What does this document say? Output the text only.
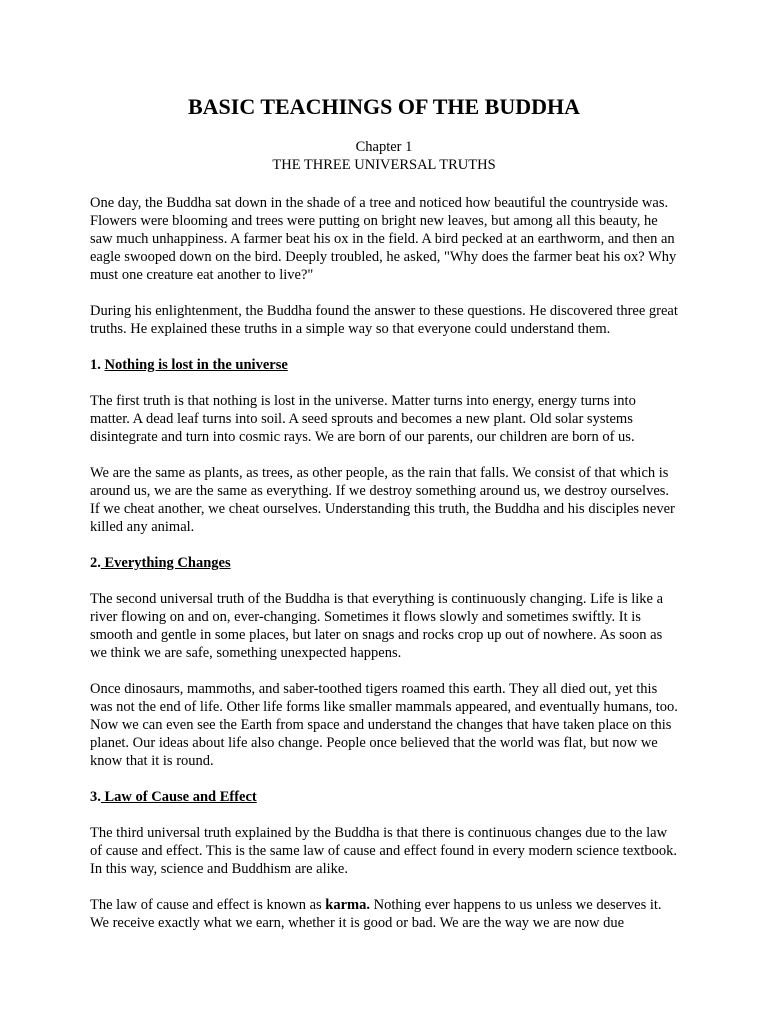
BASIC TEACHINGS OF THE BUDDHA
Chapter 1
THE THREE UNIVERSAL TRUTHS

One day, the Buddha sat down in the shade of a tree and noticed how beautiful the countryside was. Flowers were blooming and trees were putting on bright new leaves, but among all this beauty, he saw much unhappiness. A farmer beat his ox in the field. A bird pecked at an earthworm, and then an eagle swooped down on the bird. Deeply troubled, he asked, "Why does the farmer beat his ox? Why must one creature eat another to live?"

During his enlightenment, the Buddha found the answer to these questions. He discovered three great truths. He explained these truths in a simple way so that everyone could understand them.

1. Nothing is lost in the universe

The first truth is that nothing is lost in the universe. Matter turns into energy, energy turns into matter. A dead leaf turns into soil. A seed sprouts and becomes a new plant. Old solar systems disintegrate and turn into cosmic rays. We are born of our parents, our children are born of us.

We are the same as plants, as trees, as other people, as the rain that falls. We consist of that which is around us, we are the same as everything. If we destroy something around us, we destroy ourselves. If we cheat another, we cheat ourselves. Understanding this truth, the Buddha and his disciples never killed any animal.

2. Everything Changes

The second universal truth of the Buddha is that everything is continuously changing. Life is like a river flowing on and on, ever-changing. Sometimes it flows slowly and sometimes swiftly. It is smooth and gentle in some places, but later on snags and rocks crop up out of nowhere. As soon as we think we are safe, something unexpected happens.

Once dinosaurs, mammoths, and saber-toothed tigers roamed this earth. They all died out, yet this was not the end of life. Other life forms like smaller mammals appeared, and eventually humans, too. Now we can even see the Earth from space and understand the changes that have taken place on this planet. Our ideas about life also change. People once believed that the world was flat, but now we know that it is round.

3. Law of Cause and Effect

The third universal truth explained by the Buddha is that there is continuous changes due to the law of cause and effect. This is the same law of cause and effect found in every modern science textbook. In this way, science and Buddhism are alike.

The law of cause and effect is known as karma. Nothing ever happens to us unless we deserves it. We receive exactly what we earn, whether it is good or bad. We are the way we are now due
